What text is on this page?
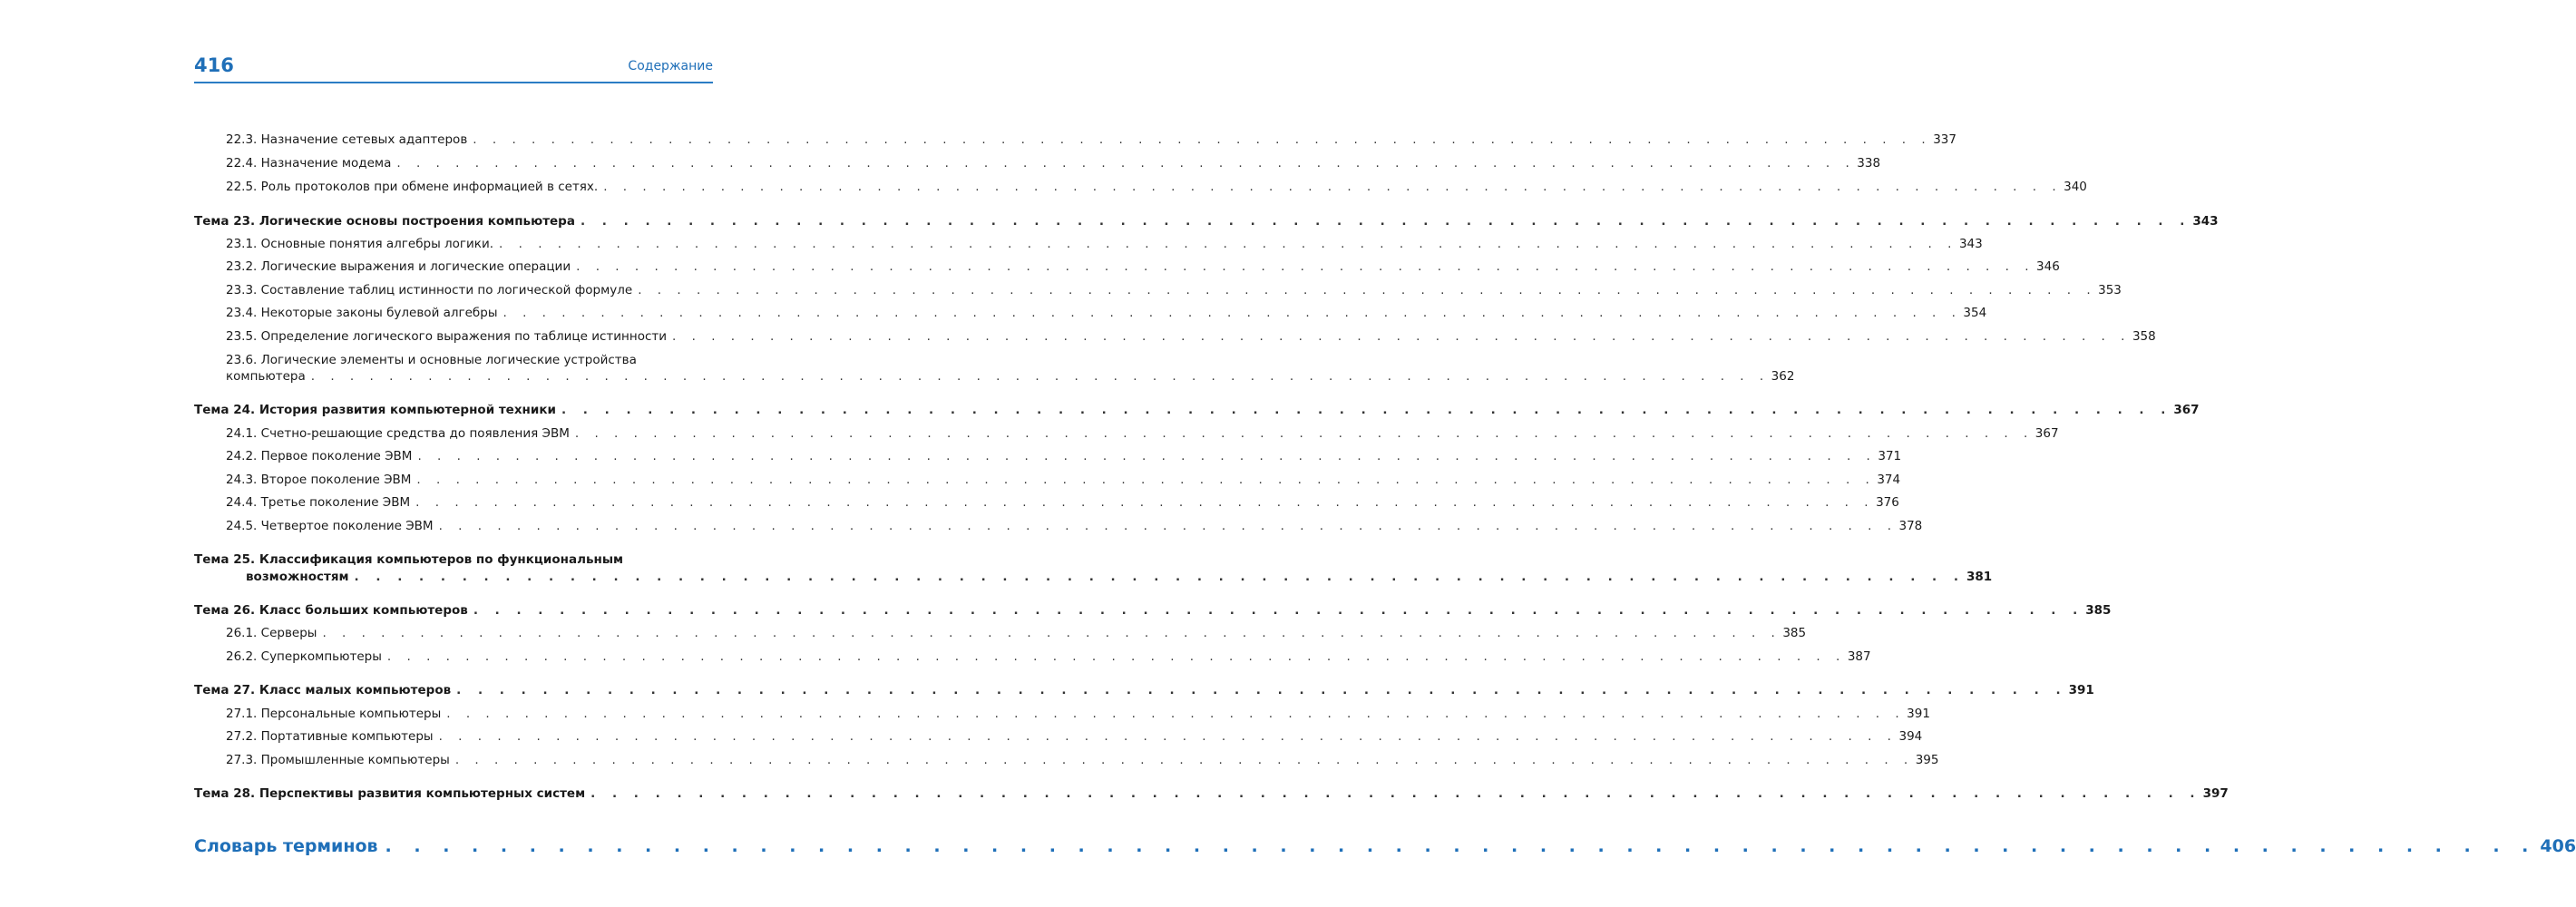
416	Содержание
22.3. Назначение сетевых адаптеров . . . . . . . . . . . . . . . . . . . . . . . . . . . . . . . . . . . . . . . . . . . . . . . . . . . . . . . . . . . . . . . . . . . . . . . . . . . 337
22.4. Назначение модема . . . . . . . . . . . . . . . . . . . . . . . . . . . . . . . . . . . . . . . . . . . . . . . . . . . . . . . . . . . . . . . . . . . . . . . . . . . 338
22.5. Роль протоколов при обмене информацией в сетях. . . . . . . . . . . . . . . . . . . . . . . . . . . . . . . . . . . . . . . . . . . . . . . . . . . . . . . . . . . . . . . . . . . . . . . . . . . . 340
Тема 23. Логические основы построения компьютера . . . . . . . . . . . . . . . . . . . . . . . . . . . . . . . . . . . . . . . . . . . . . . . . . . . . . . . . . . . . . . . . . . . . . . . . . . . 343
23.1. Основные понятия алгебры логики. . . . . . . . . . . . . . . . . . . . . . . . . . . . . . . . . . . . . . . . . . . . . . . . . . . . . . . . . . . . . . . . . . . . . . . . . . . . 343
23.2. Логические выражения и логические операции . . . . . . . . . . . . . . . . . . . . . . . . . . . . . . . . . . . . . . . . . . . . . . . . . . . . . . . . . . . . . . . . . . . . . . . . . . . 346
23.3. Составление таблиц истинности по логической формуле . . . . . . . . . . . . . . . . . . . . . . . . . . . . . . . . . . . . . . . . . . . . . . . . . . . . . . . . . . . . . . . . . . . . . . . . . . . 353
23.4. Некоторые законы булевой алгебры . . . . . . . . . . . . . . . . . . . . . . . . . . . . . . . . . . . . . . . . . . . . . . . . . . . . . . . . . . . . . . . . . . . . . . . . . . . 354
23.5. Определение логического выражения по таблице истинности . . . . . . . . . . . . . . . . . . . . . . . . . . . . . . . . . . . . . . . . . . . . . . . . . . . . . . . . . . . . . . . . . . . . . . . . . . . 358
23.6. Логические элементы и основные логические устройства
компьютера . . . . . . . . . . . . . . . . . . . . . . . . . . . . . . . . . . . . . . . . . . . . . . . . . . . . . . . . . . . . . . . . . . . . . . . . . . . 362
Тема 24. История развития компьютерной техники . . . . . . . . . . . . . . . . . . . . . . . . . . . . . . . . . . . . . . . . . . . . . . . . . . . . . . . . . . . . . . . . . . . . . . . . . . . 367
24.1. Счетно-решающие средства до появления ЭВМ . . . . . . . . . . . . . . . . . . . . . . . . . . . . . . . . . . . . . . . . . . . . . . . . . . . . . . . . . . . . . . . . . . . . . . . . . . . 367
24.2. Первое поколение ЭВМ . . . . . . . . . . . . . . . . . . . . . . . . . . . . . . . . . . . . . . . . . . . . . . . . . . . . . . . . . . . . . . . . . . . . . . . . . . . 371
24.3. Второе поколение ЭВМ . . . . . . . . . . . . . . . . . . . . . . . . . . . . . . . . . . . . . . . . . . . . . . . . . . . . . . . . . . . . . . . . . . . . . . . . . . . 374
24.4. Третье поколение ЭВМ . . . . . . . . . . . . . . . . . . . . . . . . . . . . . . . . . . . . . . . . . . . . . . . . . . . . . . . . . . . . . . . . . . . . . . . . . . . 376
24.5. Четвертое поколение ЭВМ . . . . . . . . . . . . . . . . . . . . . . . . . . . . . . . . . . . . . . . . . . . . . . . . . . . . . . . . . . . . . . . . . . . . . . . . . . . 378
Тема 25. Классификация компьютеров по функциональным
возможностям . . . . . . . . . . . . . . . . . . . . . . . . . . . . . . . . . . . . . . . . . . . . . . . . . . . . . . . . . . . . . . . . . . . . . . . . . . . 381
Тема 26. Класс больших компьютеров . . . . . . . . . . . . . . . . . . . . . . . . . . . . . . . . . . . . . . . . . . . . . . . . . . . . . . . . . . . . . . . . . . . . . . . . . . . 385
26.1. Серверы . . . . . . . . . . . . . . . . . . . . . . . . . . . . . . . . . . . . . . . . . . . . . . . . . . . . . . . . . . . . . . . . . . . . . . . . . . . 385
26.2. Суперкомпьютеры . . . . . . . . . . . . . . . . . . . . . . . . . . . . . . . . . . . . . . . . . . . . . . . . . . . . . . . . . . . . . . . . . . . . . . . . . . . 387
Тема 27. Класс малых компьютеров . . . . . . . . . . . . . . . . . . . . . . . . . . . . . . . . . . . . . . . . . . . . . . . . . . . . . . . . . . . . . . . . . . . . . . . . . . . 391
27.1. Персональные компьютеры . . . . . . . . . . . . . . . . . . . . . . . . . . . . . . . . . . . . . . . . . . . . . . . . . . . . . . . . . . . . . . . . . . . . . . . . . . . 391
27.2. Портативные компьютеры . . . . . . . . . . . . . . . . . . . . . . . . . . . . . . . . . . . . . . . . . . . . . . . . . . . . . . . . . . . . . . . . . . . . . . . . . . . 394
27.3. Промышленные компьютеры . . . . . . . . . . . . . . . . . . . . . . . . . . . . . . . . . . . . . . . . . . . . . . . . . . . . . . . . . . . . . . . . . . . . . . . . . . . 395
Тема 28. Перспективы развития компьютерных систем . . . . . . . . . . . . . . . . . . . . . . . . . . . . . . . . . . . . . . . . . . . . . . . . . . . . . . . . . . . . . . . . . . . . . . . . . . . 397
Словарь терминов . . . . . . . . . . . . . . . . . . . . . . . . . . . . . . . . . . . . . . . . . . . . . . . . . . . . . . . . . . . . . . . . . . . . . . . . . . . 406
